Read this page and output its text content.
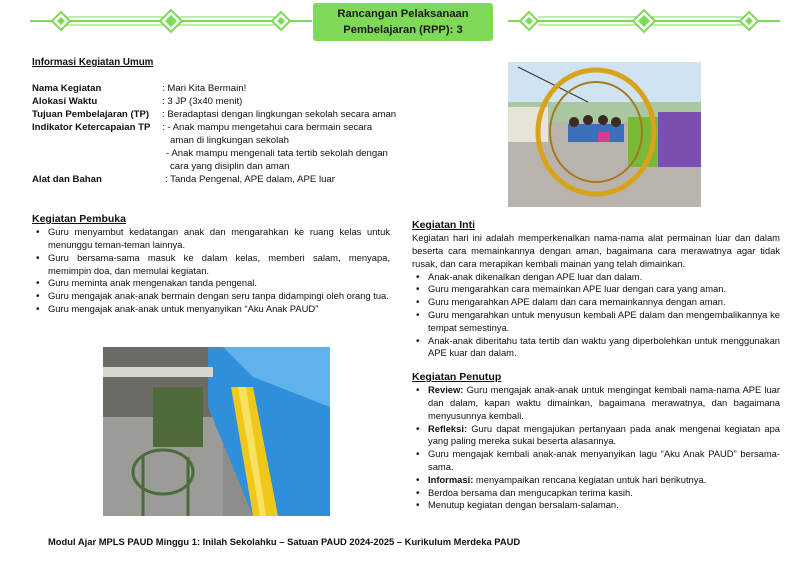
Rancangan Pelaksanaan
Pembelajaran (RPP): 3
Informasi Kegiatan Umum
Nama Kegiatan	: Mari Kita Bermain!
Alokasi Waktu	: 3 JP (3x40 menit)
Tujuan Pembelajaran (TP) : Beradaptasi dengan lingkungan sekolah secara aman
Indikator Ketercapaian TP : - Anak mampu mengetahui cara bermain secara
aman di lingkungan sekolah
- Anak mampu mengenali tata tertib sekolah dengan
cara yang disiplin dan aman
Alat dan Bahan	: Tanda Pengenal, APE dalam, APE luar
Kegiatan Pembuka
• Guru menyambut kedatangan anak dan mengarahkan ke ruang kelas untuk menunggu teman-teman lainnya.
• Guru bersama-sama masuk ke dalam kelas, memberi salam, menyapa, memimpin doa, dan memulai kegiatan.
• Guru meminta anak mengenakan tanda pengenal.
• Guru mengajak anak-anak bermain dengan seru tanpa didampingi oleh orang tua.
• Guru mengajak anak-anak untuk menyanyikan “Aku Anak PAUD”
Kegiatan Inti
Kegiatan hari ini adalah memperkenalkan nama-nama alat permainan luar dan dalam beserta cara memainkannya dengan aman, bagaimana cara merawatnya agar tidak rusak, dan cara merapikan kembali mainan yang telah dimainkan.
• Anak-anak dikenalkan dengan APE luar dan dalam.
• Guru mengarahkan cara memainkan APE luar dengan cara yang aman.
• Guru mengarahkan APE dalam dan cara memainkannya dengan aman.
• Guru mengarahkan untuk menyusun kembali APE dalam dan mengembalikannya ke tempat semestinya.
• Anak-anak diberitahu tata tertib dan waktu yang diperbolehkan untuk menggunakan APE kuar dan dalam.
Kegiatan Penutup
• Review: Guru mengajak anak-anak untuk mengingat kembali nama-nama APE luar dan dalam, kapan waktu dimainkan, bagaimana merawatnya, dan bagaimana menyusunnya kembali.
• Refleksi: Guru dapat mengajukan pertanyaan pada anak mengenai kegiatan apa yang paling mereka sukai beserta alasannya.
• Guru mengajak kembali anak-anak menyanyikan lagu “Aku Anak PAUD” bersama-sama.
• Informasi: menyampaikan rencana kegiatan untuk hari berikutnya.
• Berdoa bersama dan mengucapkan terima kasih.
• Menutup kegiatan dengan bersalam-salaman.
Modul Ajar MPLS PAUD Minggu 1: Inilah Sekolahku – Satuan PAUD 2024-2025 – Kurikulum Merdeka PAUD
